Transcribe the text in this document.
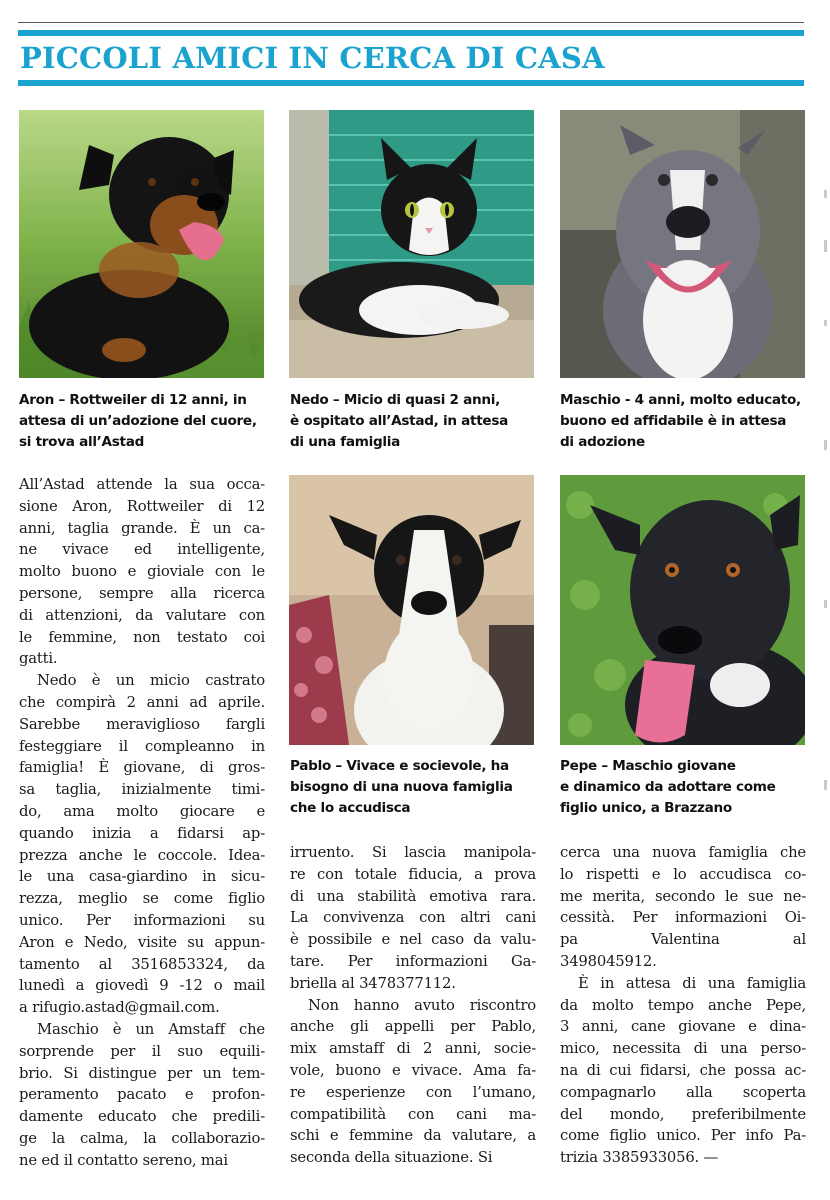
PICCOLI AMICI IN CERCA DI CASA
Aron – Rottweiler di 12 anni, in
attesa di un’adozione del cuore,
si trova all’Astad
Nedo – Micio di quasi 2 anni,
è ospitato all’Astad, in attesa
di una famiglia
Maschio - 4 anni, molto educato,
buono ed affidabile è in attesa
di adozione
Pablo – Vivace e socievole, ha
bisogno di una nuova famiglia
che lo accudisca
Pepe – Maschio giovane
e dinamico da adottare come
figlio unico, a Brazzano
All’Astad attende la sua occa-
sione Aron, Rottweiler di 12
anni, taglia grande. È un ca-
ne vivace ed intelligente,
molto buono e gioviale con le
persone, sempre alla ricerca
di attenzioni, da valutare con
le femmine, non testato coi
gatti.
Nedo è un micio castrato
che compirà 2 anni ad aprile.
Sarebbe meraviglioso fargli
festeggiare il compleanno in
famiglia! È giovane, di gros-
sa taglia, inizialmente timi-
do, ama molto giocare e
quando inizia a fidarsi ap-
prezza anche le coccole. Idea-
le una casa-giardino in sicu-
rezza, meglio se come figlio
unico. Per informazioni su
Aron e Nedo, visite su appun-
tamento al 3516853324, da
lunedì a giovedì 9 -12 o mail
a rifugio.astad@gmail.com.
Maschio è un Amstaff che
sorprende per il suo equili-
brio. Si distingue per un tem-
peramento pacato e profon-
damente educato che predili-
ge la calma, la collaborazio-
ne ed il contatto sereno, mai
irruento. Si lascia manipola-
re con totale fiducia, a prova
di una stabilità emotiva rara.
La convivenza con altri cani
è possibile e nel caso da valu-
tare. Per informazioni Ga-
briella al 3478377112.
Non hanno avuto riscontro
anche gli appelli per Pablo,
mix amstaff di 2 anni, socie-
vole, buono e vivace. Ama fa-
re esperienze con l’umano,
compatibilità con cani ma-
schi e femmine da valutare, a
seconda della situazione. Si
cerca una nuova famiglia che
lo rispetti e lo accudisca co-
me merita, secondo le sue ne-
cessità. Per informazioni Oi-
pa Valentina al
3498045912.
È in attesa di una famiglia
da molto tempo anche Pepe,
3 anni, cane giovane e dina-
mico, necessita di una perso-
na di cui fidarsi, che possa ac-
compagnarlo alla scoperta
del mondo, preferibilmente
come figlio unico. Per info Pa-
trizia 3385933056. —
